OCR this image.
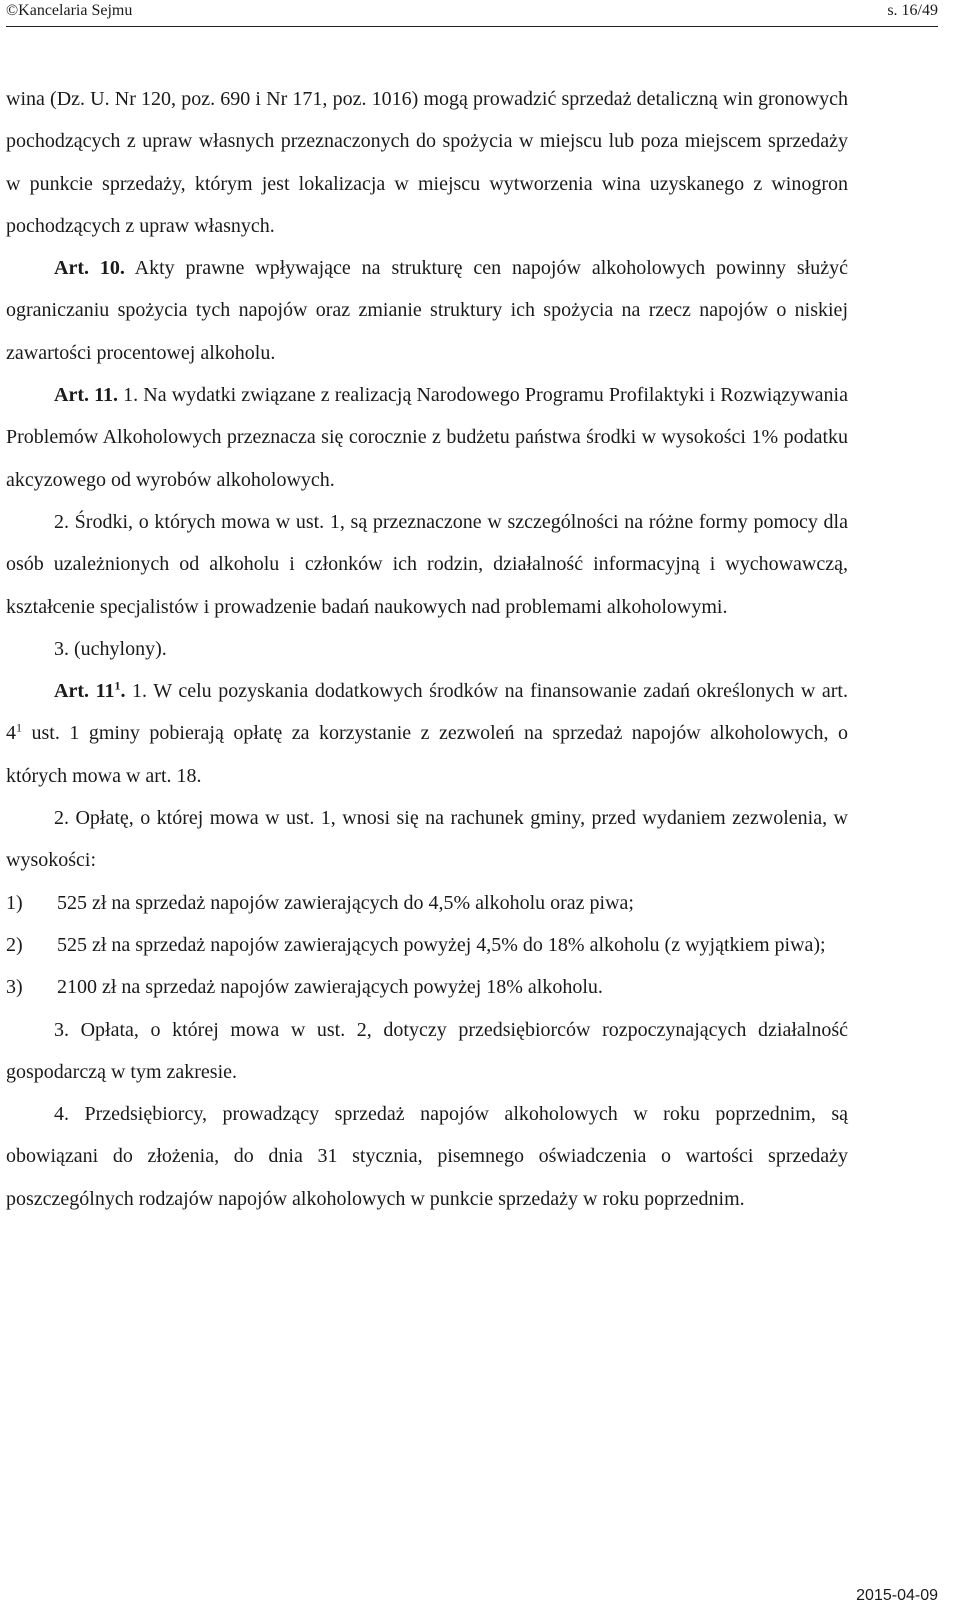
©Kancelaria Sejmu	s. 16/49

wina (Dz. U. Nr 120, poz. 690 i Nr 171, poz. 1016) mogą prowadzić sprzedaż detaliczną win gronowych pochodzących z upraw własnych przeznaczonych do spożycia w miejscu lub poza miejscem sprzedaży w punkcie sprzedaży, którym jest lokalizacja w miejscu wytworzenia wina uzyskanego z winogron pochodzących z upraw własnych.

Art. 10. Akty prawne wpływające na strukturę cen napojów alkoholowych powinny służyć ograniczaniu spożycia tych napojów oraz zmianie struktury ich spożycia na rzecz napojów o niskiej zawartości procentowej alkoholu.

Art. 11. 1. Na wydatki związane z realizacją Narodowego Programu Profilaktyki i Rozwiązywania Problemów Alkoholowych przeznacza się corocznie z budżetu państwa środki w wysokości 1% podatku akcyzowego od wyrobów alkoholowych.

2. Środki, o których mowa w ust. 1, są przeznaczone w szczególności na różne formy pomocy dla osób uzależnionych od alkoholu i członków ich rodzin, działalność informacyjną i wychowawczą, kształcenie specjalistów i prowadzenie badań naukowych nad problemami alkoholowymi.

3. (uchylony).

Art. $11^1$. 1. W celu pozyskania dodatkowych środków na finansowanie zadań określonych w art. $4^1$ ust. 1 gminy pobierają opłatę za korzystanie z zezwoleń na sprzedaż napojów alkoholowych, o których mowa w art. 18.

2. Opłatę, o której mowa w ust. 1, wnosi się na rachunek gminy, przed wydaniem zezwolenia, w wysokości:

1) 525 zł na sprzedaż napojów zawierających do 4,5% alkoholu oraz piwa;
2) 525 zł na sprzedaż napojów zawierających powyżej 4,5% do 18% alkoholu (z wyjątkiem piwa);
3) 2100 zł na sprzedaż napojów zawierających powyżej 18% alkoholu.

3. Opłata, o której mowa w ust. 2, dotyczy przedsiębiorców rozpoczynających działalność gospodarczą w tym zakresie.

4. Przedsiębiorcy, prowadzący sprzedaż napojów alkoholowych w roku poprzednim, są obowiązani do złożenia, do dnia 31 stycznia, pisemnego oświadczenia o wartości sprzedaży poszczególnych rodzajów napojów alkoholowych w punkcie sprzedaży w roku poprzednim.

2015-04-09
